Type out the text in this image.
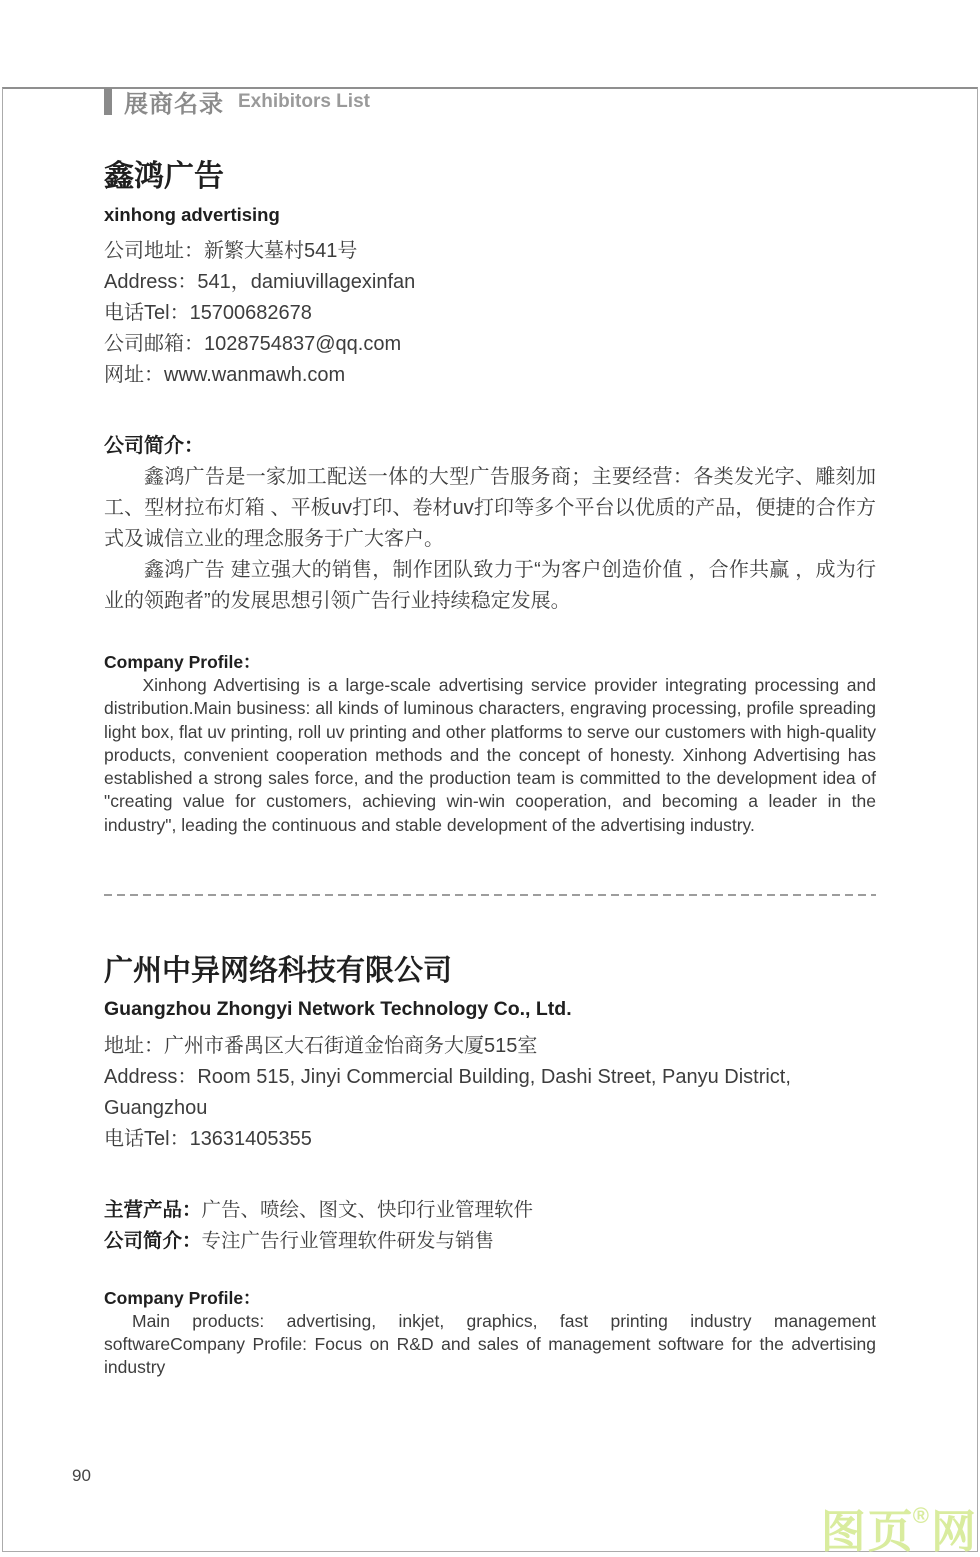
展商名录 Exhibitors List
鑫鸿广告
xinhong advertising
公司地址：新繁大墓村541号
Address：541，damiuvillagexinfan
电话Tel：15700682678
公司邮箱：1028754837@qq.com
网址：www.wanmawh.com
公司简介：

鑫鸿广告是一家加工配送一体的大型广告服务商；主要经营：各类发光字、雕刻加工、型材拉布灯箱 、平板uv打印、卷材uv打印等多个平台以优质的产品，便捷的合作方式及诚信立业的理念服务于广大客户。

鑫鸿广告 建立强大的销售，制作团队致力于“为客户创造价值 ，合作共赢 ，成为行业的领跑者”的发展思想引领广告行业持续稳定发展。

Company Profile：

Xinhong Advertising is a large-scale advertising service provider integrating processing and distribution.Main business: all kinds of luminous characters, engraving processing, profile spreading light box, flat uv printing, roll uv printing and other platforms to serve our customers with high-quality products, convenient cooperation methods and the concept of honesty. Xinhong Advertising has established a strong sales force, and the production team is committed to the development idea of "creating value for customers, achieving win-win cooperation, and becoming a leader in the industry", leading the continuous and stable development of the advertising industry.

广州中异网络科技有限公司
Guangzhou Zhongyi Network Technology Co., Ltd.
地址：广州市番禺区大石街道金怡商务大厦515室
Address：Room 515, Jinyi Commercial Building, Dashi Street, Panyu District, Guangzhou
电话Tel：13631405355
主营产品：广告、喷绘、图文、快印行业管理软件
公司简介：专注广告行业管理软件研发与销售
Company Profile：

Main products: advertising, inkjet, graphics, fast printing industry management softwareCompany Profile: Focus on R&D and sales of management software for the advertising industry

90
图页®网
